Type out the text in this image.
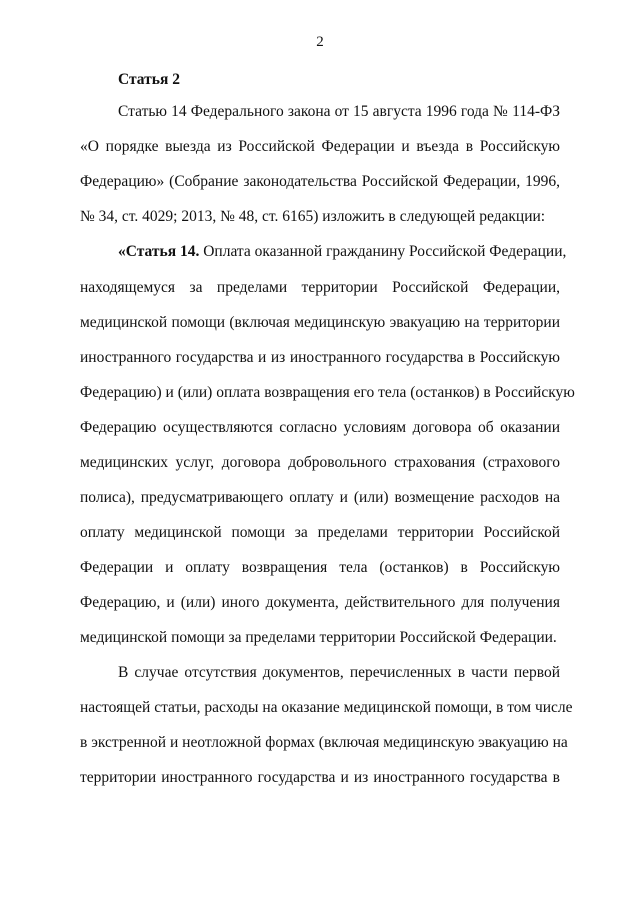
2
Статья 2
Статью 14 Федерального закона от 15 августа 1996 года № 114-ФЗ
«О порядке выезда из Российской Федерации и въезда в Российскую
Федерацию» (Собрание законодательства Российской Федерации, 1996,
№ 34, ст. 4029; 2013, № 48, ст. 6165) изложить в следующей редакции:
«Статья 14. Оплата оказанной гражданину Российской Федерации,
находящемуся за пределами территории Российской Федерации,
медицинской помощи (включая медицинскую эвакуацию на территории
иностранного государства и из иностранного государства в Российскую
Федерацию) и (или) оплата возвращения его тела (останков) в Российскую
Федерацию осуществляются согласно условиям договора об оказании
медицинских услуг, договора добровольного страхования (страхового
полиса), предусматривающего оплату и (или) возмещение расходов на
оплату медицинской помощи за пределами территории Российской
Федерации и оплату возвращения тела (останков) в Российскую
Федерацию, и (или) иного документа, действительного для получения
медицинской помощи за пределами территории Российской Федерации.
В случае отсутствия документов, перечисленных в части первой
настоящей статьи, расходы на оказание медицинской помощи, в том числе
в экстренной и неотложной формах (включая медицинскую эвакуацию на
территории иностранного государства и из иностранного государства в
